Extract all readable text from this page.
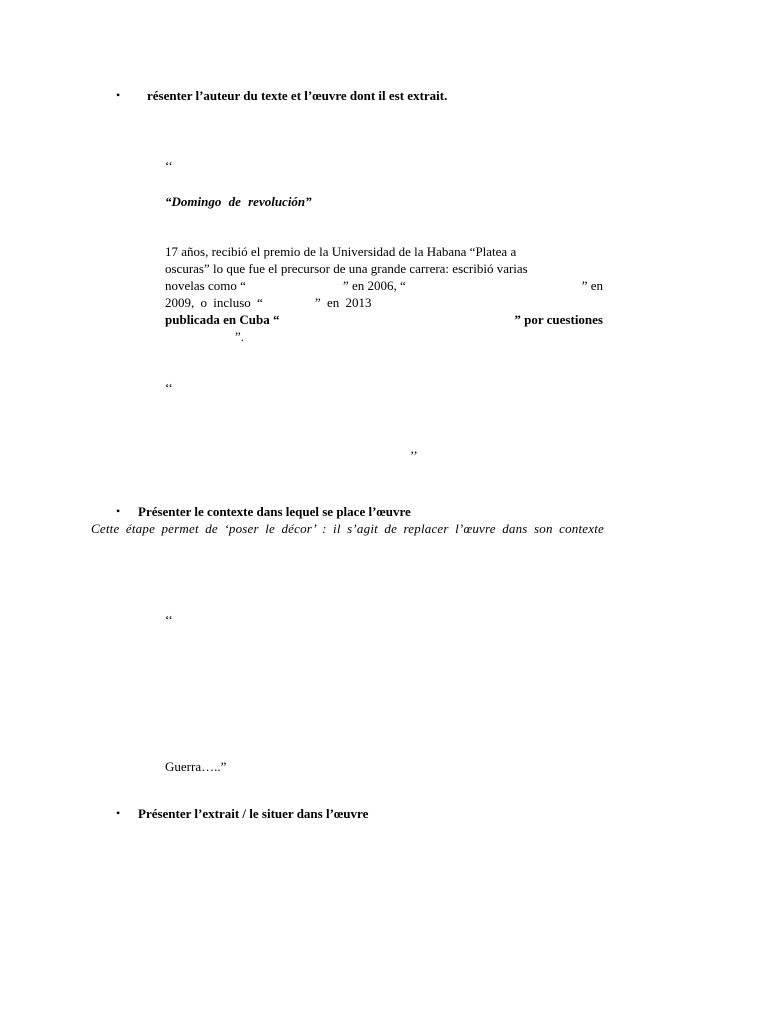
• résenter l’auteur du texte et l’œuvre dont il est extrait.
‘‘
“Domingo de revolución”
17 años, recibió el premio de la Universidad de la Habana “Platea a
oscuras” lo que fue el precursor de una grande carrera: escribió varias
novelas como “	” en 2006, “	” en
2009, o incluso “	” en 2013
publicada en Cuba “	” por cuestiones
”.
‘‘
’’
• Présenter le contexte dans lequel se place l’œuvre
Cette étape permet de ‘poser le décor’ : il s’agit de replacer l’œuvre dans son contexte
‘‘
Guerra…..”
• Présenter l’extrait / le situer dans l’œuvre
